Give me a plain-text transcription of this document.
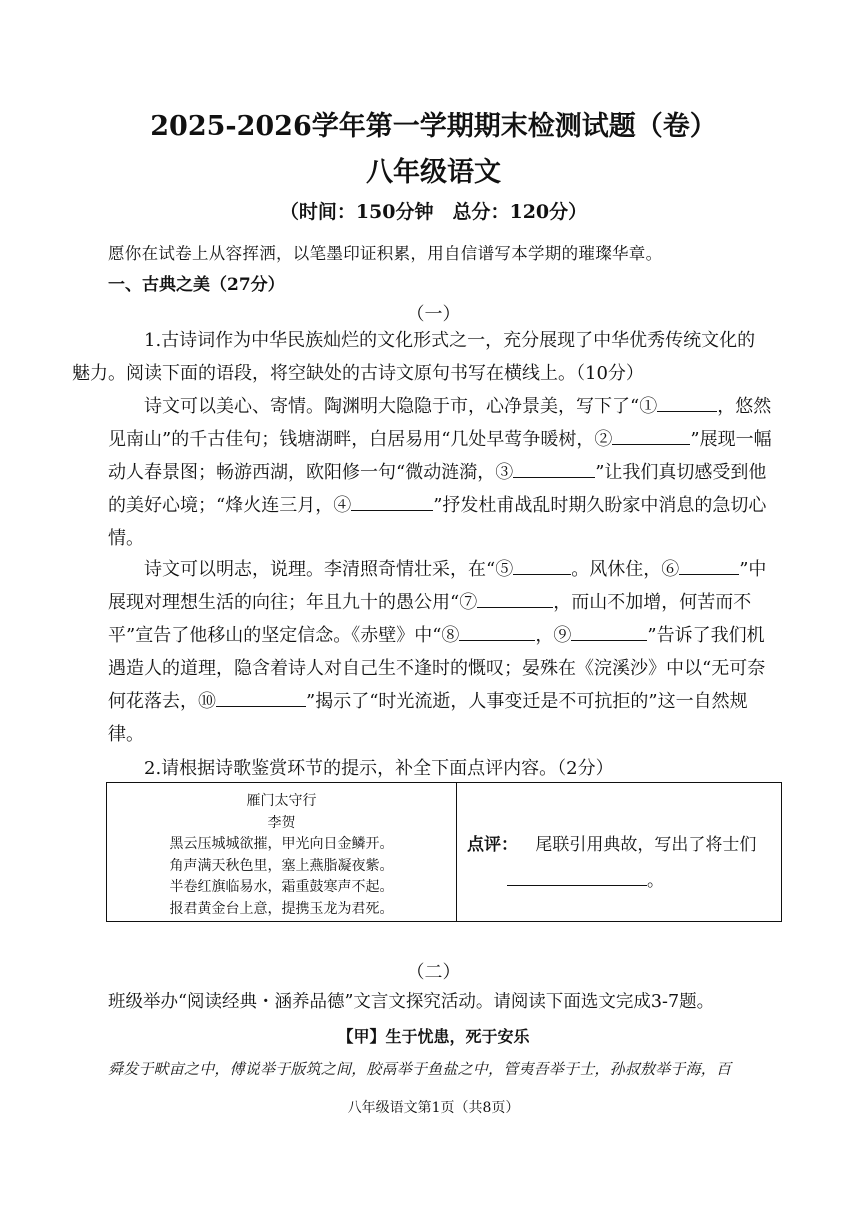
2025-2026学年第一学期期末检测试题（卷）
八年级语文
（时间：150分钟　总分：120分）
愿你在试卷上从容挥洒，以笔墨印证积累，用自信谱写本学期的璀璨华章。
一、古典之美（27分）
（一）
1.古诗词作为中华民族灿烂的文化形式之一，充分展现了中华优秀传统文化的
魅力。阅读下面的语段，将空缺处的古诗文原句书写在横线上。（10分）
诗文可以美心、寄情。陶渊明大隐隐于市，心净景美，写下了“①	，悠然见南山”的千古佳句；钱塘湖畔，白居易用“几处早莺争暖树，②	”展现一幅动人春景图；畅游西湖，欧阳修一句“微动涟漪，③	”让我们真切感受到他的美好心境；“烽火连三月，④	”抒发杜甫战乱时期久盼家中消息的急切心情。
诗文可以明志，说理。李清照奇情壮采，在“⑤	。风休住，⑥	”中展现对理想生活的向往；年且九十的愚公用“⑦	，而山不加增，何苦而不平”宣告了他移山的坚定信念。《赤壁》中“⑧	，⑨	”告诉了我们机遇造人的道理，隐含着诗人对自己生不逢时的慨叹；晏殊在《浣溪沙》中以“无可奈何花落去，⑩	”揭示了“时光流逝，人事变迁是不可抗拒的”这一自然规律。
2.请根据诗歌鉴赏环节的提示，补全下面点评内容。（2分）
雁门太守行
李贺
黑云压城城欲摧，甲光向日金鳞开。
角声满天秋色里，塞上燕脂凝夜紫。
半卷红旗临易水，霜重鼓寒声不起。
报君黄金台上意，提携玉龙为君死。
点评： 尾联引用典故，写出了将士们
。
（二）
班级举办“阅读经典・涵养品德”文言文探究活动。请阅读下面选文完成3-7题。
【甲】生于忧患，死于安乐
舜发于畎亩之中，傅说举于版筑之间，胶鬲举于鱼盐之中，管夷吾举于士，孙叔敖举于海，百
八年级语文第1页（共8页）
